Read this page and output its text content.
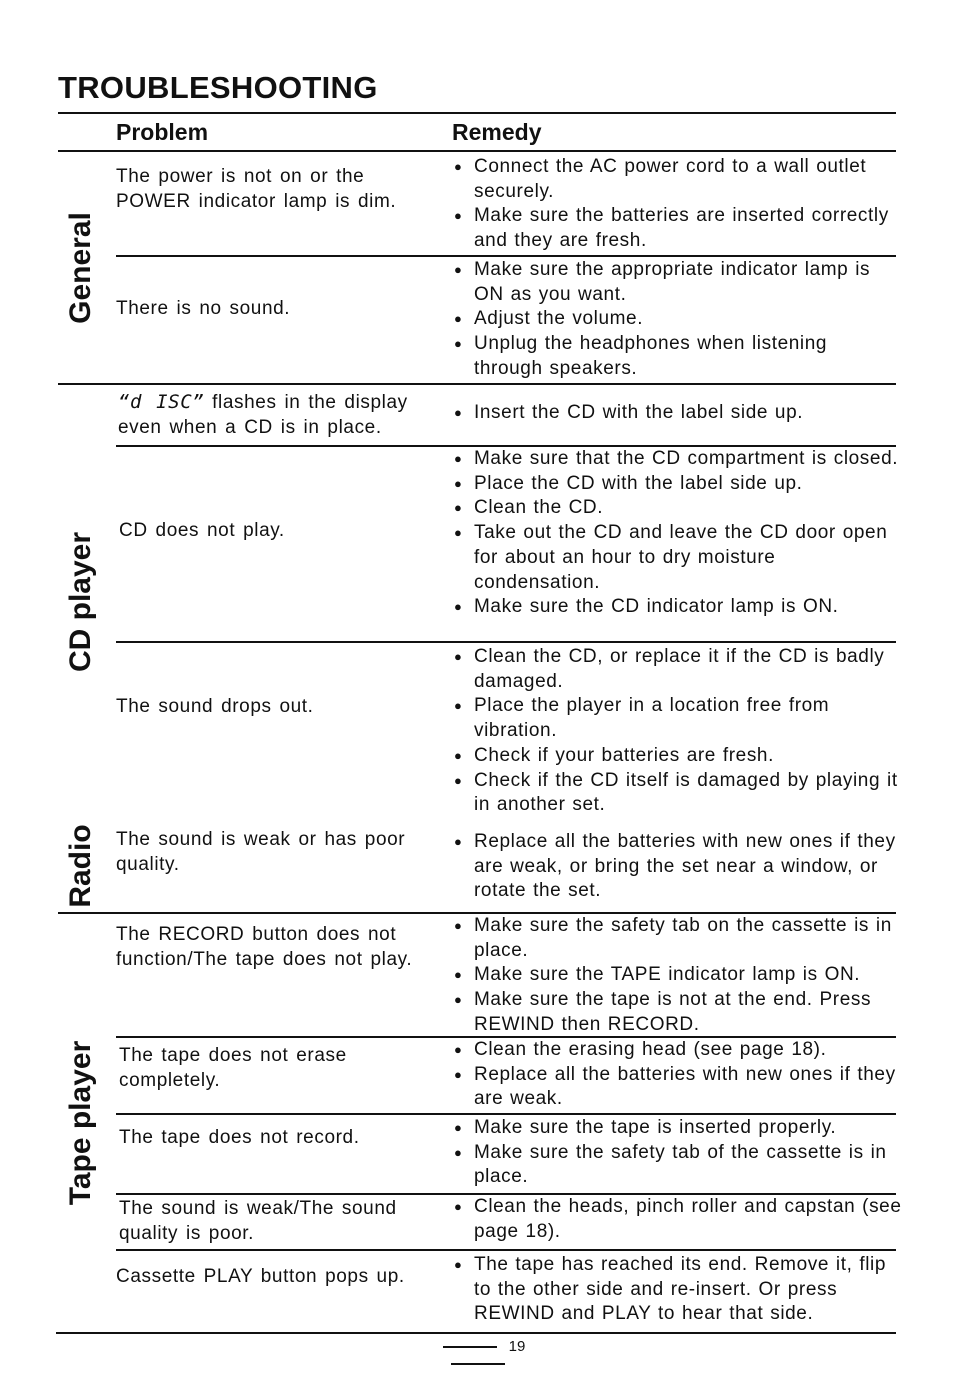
TROUBLESHOOTING
Problem	Remedy
General
CD player
Radio
Tape player
The power is not on or the POWER indicator lamp is dim.
● Connect the AC power cord to a wall outlet securely.
● Make sure the batteries are inserted correctly and they are fresh.
There is no sound.
● Make sure the appropriate indicator lamp is ON as you want.
● Adjust the volume.
● Unplug the headphones when listening through speakers.
“d ISC” flashes in the display even when a CD is in place.
● Insert the CD with the label side up.
CD does not play.
● Make sure that the CD compartment is closed.
● Place the CD with the label side up.
● Clean the CD.
● Take out the CD and leave the CD door open for about an hour to dry moisture condensation.
● Make sure the CD indicator lamp is ON.
The sound drops out.
● Clean the CD, or replace it if the CD is badly damaged.
● Place the player in a location free from vibration.
● Check if your batteries are fresh.
● Check if the CD itself is damaged by playing it in another set.
The sound is weak or has poor quality.
● Replace all the batteries with new ones if they are weak, or bring the set near a window, or rotate the set.
The RECORD button does not function/The tape does not play.
● Make sure the safety tab on the cassette is in place.
● Make sure the TAPE indicator lamp is ON.
● Make sure the tape is not at the end. Press REWIND then RECORD.
The tape does not erase completely.
● Clean the erasing head (see page 18).
● Replace all the batteries with new ones if they are weak.
The tape does not record.
●	Make sure the tape is inserted properly.
● Make sure the safety tab of the cassette is in place.
The sound is weak/The sound quality is poor.
● Clean the heads, pinch roller and capstan (see page 18).
Cassette PLAY button pops up.
● The tape has reached its end. Remove it, flip to the other side and re-insert. Or press REWIND and PLAY to hear that side.
19
